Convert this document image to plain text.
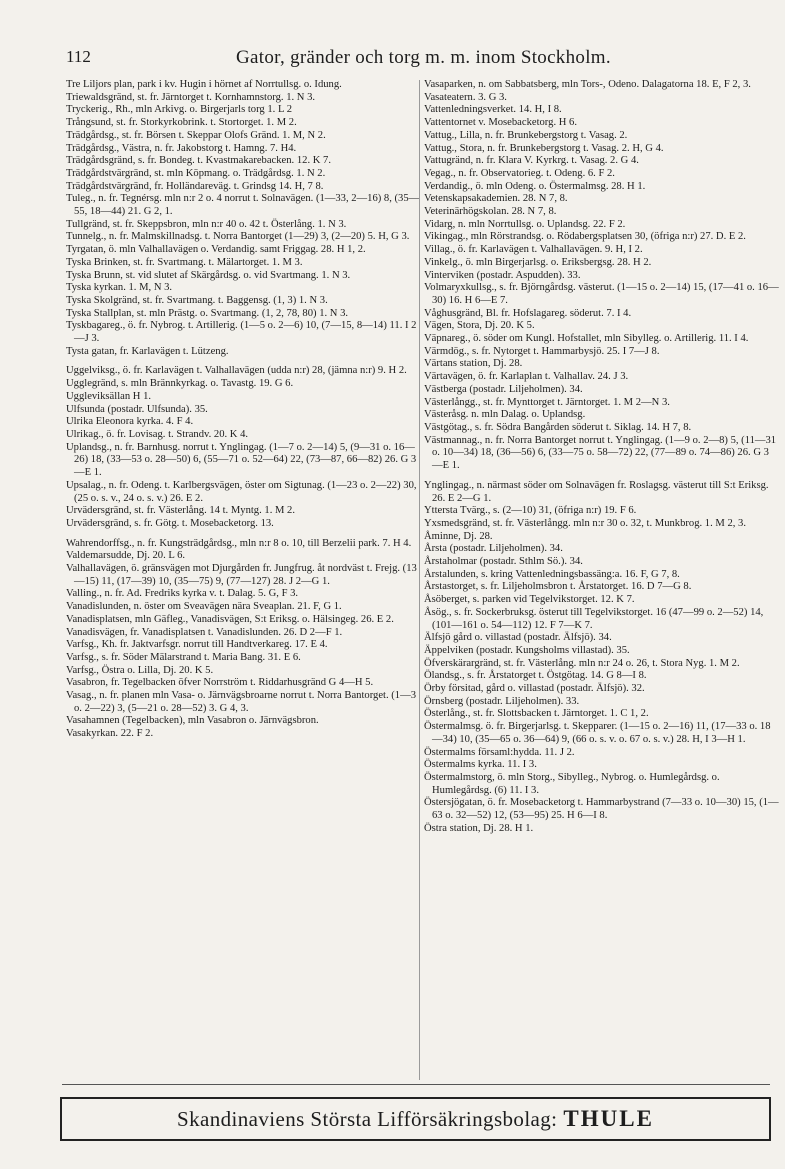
112	Gator, gränder och torg m. m. inom Stockholm.
Tre Liljors plan, park i kv. Hugin i hörnet af Norrtullsg. o. Idung.
Triewaldsgränd, st. fr. Järntorget t. Kornhamnstorg. 1. N 3.
Tryckerig., Rh., mln Arkivg. o. Birgerjarls torg 1. L 2
Trångsund, st. fr. Storkyrkobrink. t. Stortorget. 1. M 2.
Trädgårdsg., st. fr. Börsen t. Skeppar Olofs Gränd. 1. M, N 2.
Trädgårdsg., Västra, n. fr. Jakobstorg t. Hamng. 7. H4.
Trädgårdsgränd, s. fr. Bondeg. t. Kvastmakarebacken. 12. K 7.
Trädgårdstvärgränd, st. mln Köpmang. o. Trädgårdsg. 1. N 2.
Trädgårdstvärgränd, fr. Holländareväg. t. Grindsg 14. H, 7 8.
Tuleg., n. fr. Tegnérsg. mln n:r 2 o. 4 norrut t. Solnavägen. (1—33, 2—16) 8, (35—55, 18—44) 21. G 2, 1.
Tullgränd, st. fr. Skeppsbron, mln n:r 40 o. 42 t. Österlång. 1. N 3.
Tunnelg., n. fr. Malmskillnadsg. t. Norra Bantorget (1—29) 3, (2—20) 5. H, G 3.
Tyrgatan, ö. mln Valhallavägen o. Verdandig. samt Friggag. 28. H 1, 2.
Tyska Brinken, st. fr. Svartmang. t. Mälartorget. 1. M 3.
Tyska Brunn, st. vid slutet af Skärgårdsg. o. vid Svartmang. 1. N 3.
Tyska kyrkan. 1. M, N 3.
Tyska Skolgränd, st. fr. Svartmang. t. Baggensg. (1, 3) 1. N 3.
Tyska Stallplan, st. mln Prästg. o. Svartmang. (1, 2, 78, 80) 1. N 3.
Tyskbagareg., ö. fr. Nybrog. t. Artillerig. (1—5 o. 2—6) 10, (7—15, 8—14) 11. I 2—J 3.
Tysta gatan, fr. Karlavägen t. Lützeng.
Uggelviksg., ö. fr. Karlavägen t. Valhallavägen (udda n:r) 28, (jämna n:r) 9. H 2.
Ugglegränd, s. mln Brännkyrkag. o. Tavastg. 19. G 6.
Uggleviksällan H 1.
Ulfsunda (postadr. Ulfsunda). 35.
Ulrika Eleonora kyrka. 4. F 4.
Ulrikag., ö. fr. Lovisag. t. Strandv. 20. K 4.
Uplandsg., n. fr. Barnhusg. norrut t. Ynglingag. (1—7 o. 2—14) 5, (9—31 o. 16—26) 18, (33—53 o. 28—50) 6, (55—71 o. 52—64) 22, (73—87, 66—82) 26. G 3—E 1.
Upsalag., n. fr. Odeng. t. Karlbergsvägen, öster om Sigtunag. (1—23 o. 2—22) 30, (25 o. s. v., 24 o. s. v.) 26. E 2.
Urvädersgränd, st. fr. Västerlång. 14 t. Myntg. 1. M 2.
Urvädersgränd, s. fr. Götg. t. Mosebacketorg. 13.
Wahrendorffsg., n. fr. Kungsträdgårdsg., mln n:r 8 o. 10, till Berzelii park. 7. H 4.
Valdemarsudde, Dj. 20. L 6.
Valhallavägen, ö. gränsvägen mot Djurgården fr. Jungfrug. åt nordväst t. Frejg. (13—15) 11, (17—39) 10, (35—75) 9, (77—127) 28. J 2—G 1.
Valling., n. fr. Ad. Fredriks kyrka v. t. Dalag. 5. G, F 3.
Vanadislunden, n. öster om Sveavägen närа Sveaplan. 21. F, G 1.
Vanadisplatsen, mln Gäfleg., Vanadisvägen, S:t Eriksg. o. Hälsingeg. 26. E 2.
Vanadisvägen, fr. Vanadisplatsen t. Vanadislunden. 26. D 2—F 1.
Varfsg., Kh. fr. Jaktvarfsgr. norrut till Handtverkareg. 17. E 4.
Varfsg., s. fr. Söder Mälarstrand t. Maria Bang. 31. E 6.
Varfsg., Östra o. Lilla, Dj. 20. K 5.
Vasabron, fr. Tegelbacken öfver Norrström t. Riddarhusgränd G 4—H 5.
Vasag., n. fr. planen mln Vasa- o. Järnvägsbroarne norrut t. Norra Bantorget. (1—3 o. 2—22) 3, (5—21 o. 28—52) 3. G 4, 3.
Vasahamnen (Tegelbacken), mln Vasabron o. Järnvägsbron.
Vasakyrkan. 22. F 2.
Vasaparken, n. om Sabbatsberg, mln Tors-, Odeno. Dalagatorna 18. E, F 2, 3.
Vasateatern. 3. G 3.
Vattenledningsverket. 14. H, I 8.
Vattentornet v. Mosebacketorg. H 6.
Vattug., Lilla, n. fr. Brunkebergstorg t. Vasag. 2.
Vattug., Stora, n. fr. Brunkebergstorg t. Vasag. 2. H, G 4.
Vattugränd, n. fr. Klara V. Kyrkrg. t. Vasag. 2. G 4.
Vegag., n. fr. Observatorieg. t. Odeng. 6. F 2.
Verdandig., ö. mln Odeng. o. Östermalmsg. 28. H 1.
Vetenskapsakademien. 28. N 7, 8.
Veterinärhögskolan. 28. N 7, 8.
Vidarg, n. mln Norrtullsg. o. Uplandsg. 22. F 2.
Vikingag., mln Rörstrandsg. o. Rödabergsplatsen 30, (öfriga n:r) 27. D. E 2.
Villag., ö. fr. Karlavägen t. Valhallavägen. 9. H, I 2.
Vinkelg., ö. mln Birgerjarlsg. o. Eriksbergsg. 28. H 2.
Vinterviken (postadr. Aspudden). 33.
Volmaryxkullsg., s. fr. Björngårdsg. västerut. (1—15 o. 2—14) 15, (17—41 o. 16—30) 16. H 6—E 7.
Våghusgränd, Bl. fr. Hofslagareg. söderut. 7. I 4.
Vägen, Stora, Dj. 20. K 5.
Väpnareg., ö. söder om Kungl. Hofstallet, mln Sibylleg. o. Artillerig. 11. I 4.
Värmdög., s. fr. Nytorget t. Hammarbysjö. 25. I 7—J 8.
Värtans station, Dj. 28.
Värtavägen, ö. fr. Karlaplan t. Valhallav. 24. J 3.
Västberga (postadr. Liljeholmen). 34.
Västerlångg., st. fr. Mynttorget t. Järntorget. 1. M 2—N 3.
Västeråsg. n. mln Dalag. o. Uplandsg.
Västgötag., s. fr. Södra Bangården söderut t. Siklag. 14. H 7, 8.
Västmannag., n. fr. Norra Bantorget norrut t. Ynglingag. (1—9 o. 2—8) 5, (11—31 o. 10—34) 18, (36—56) 6, (33—75 o. 58—72) 22, (77—89 o. 74—86) 26. G 3—E 1.
Ynglingag., n. närmast söder om Solnavägen fr. Roslagsg. västerut till S:t Eriksg. 26. E 2—G 1.
Yttersta Tvärg., s. (2—10) 31, (öfriga n:r) 19. F 6.
Yxsmedsgränd, st. fr. Västerlångg. mln n:r 30 o. 32, t. Munkbrog. 1. M 2, 3.
Åminne, Dj. 28.
Årsta (postadr. Liljeholmen). 34.
Årstaholmar (postadr. Sthlm Sö.). 34.
Årstalunden, s. kring Vattenledningsbassäng:a. 16. F, G 7, 8.
Årstastorget, s. fr. Liljeholmsbron t. Årstatorget. 16. D 7—G 8.
Åsöberget, s. parken vid Tegelvikstorget. 12. K 7.
Åsög., s. fr. Sockerbruksg. österut till Tegelvikstorget. 16 (47—99 o. 2—52) 14, (101—161 o. 54—112) 12. F 7—K 7.
Älfsjö gård o. villastad (postadr. Älfsjö). 34.
Äppelviken (postadr. Kungsholms villastad). 35.
Öfverskärargränd, st. fr. Västerlång. mln n:r 24 o. 26, t. Stora Nyg. 1. M 2.
Ölandsg., s. fr. Årstatorget t. Östgötag. 14. G 8—I 8.
Örby försitad, gård o. villastad (postadr. Älfsjö). 32.
Örnsberg (postadr. Liljeholmen). 33.
Österlång., st. fr. Slottsbacken t. Järntorget. 1. C 1, 2.
Östermalmsg. ö. fr. Birgerjarlsg. t. Skepparег. (1—15 o. 2—16) 11, (17—33 o. 18—34) 10, (35—65 o. 36—64) 9, (66 o. s. v. o. 67 o. s. v.) 28. H, I 3—H 1.
Östermalms församl:hydda. 11. J 2.
Östermalms kyrka. 11. I 3.
Östermalmstorg, ö. mln Storg., Sibylleg., Nybrog. o. Humlegårdsg. o. Humlegårdsg. (6) 11. I 3.
Östersjögatan, ö. fr. Mosebacketorg t. Hammarbystrand (7—33 o. 10—30) 15, (1—63 o. 32—52) 12, (53—95) 25. H 6—I 8.
Östra station, Dj. 28. H 1.
Skandinaviens Största Lifförsäkringsbolag: THULE
